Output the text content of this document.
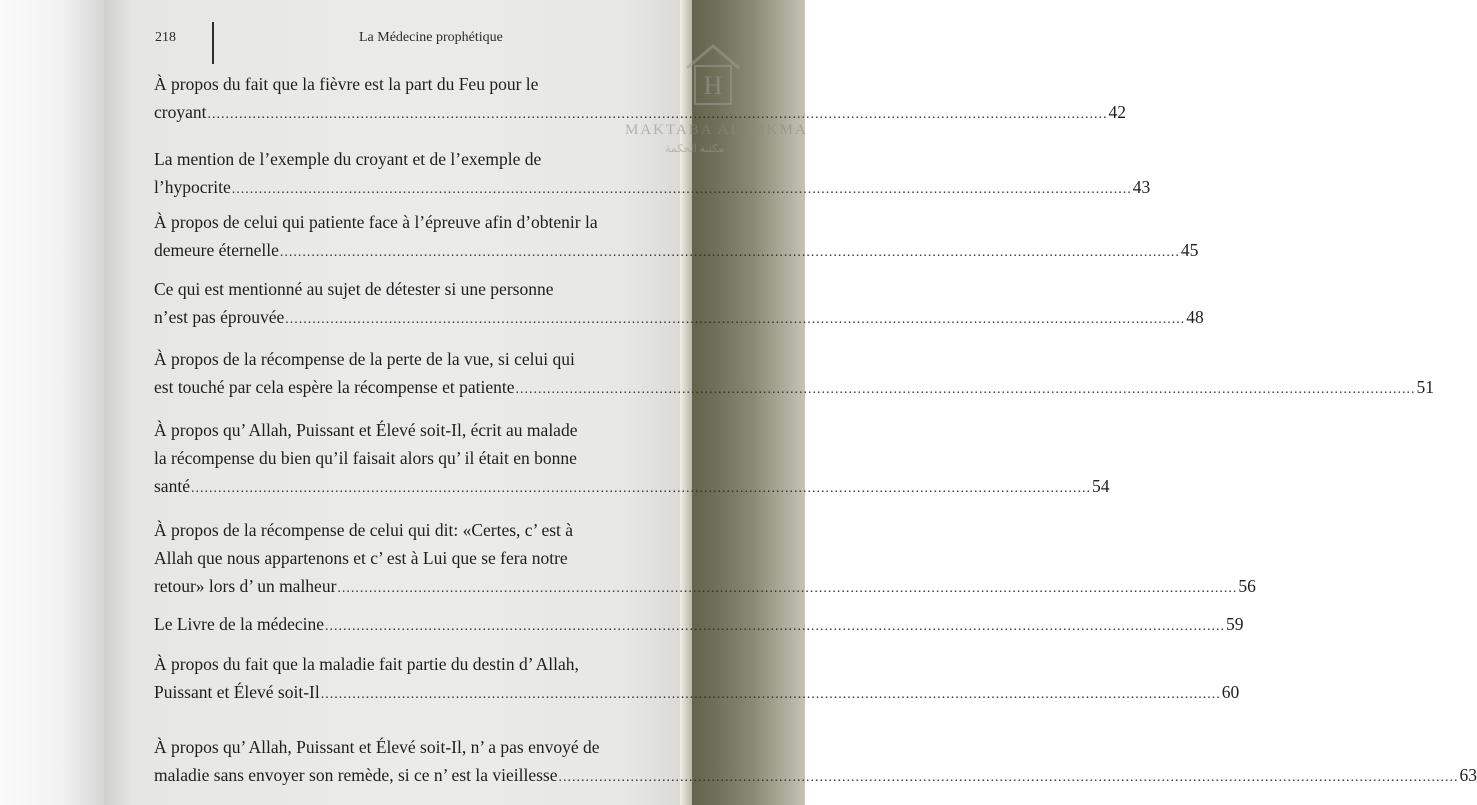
218	La Médecine prophétique
À propos du fait que la fièvre est la part du Feu pour le
croyant .....	42
La mention de l’exemple du croyant et de l’exemple de
l’hypocrite .....	43
À propos de celui qui patiente face à l’épreuve afin d’obtenir la
demeure éternelle .....	45
Ce qui est mentionné au sujet de détester si une personne
n’est pas éprouvée .....	48
À propos de la récompense de la perte de la vue, si celui qui
est touché par cela espère la récompense et patiente .....	51
À propos qu’ Allah, Puissant et Élevé soit-Il, écrit au malade
la récompense du bien qu’il faisait alors qu’ il était en bonne
santé .....	54
À propos de la récompense de celui qui dit: «Certes, c’ est à
Allah que nous appartenons et c’ est à Lui que se fera notre
retour» lors d’ un malheur .....	56
Le Livre de la médecine .....	59
À propos du fait que la maladie fait partie du destin d’ Allah,
Puissant et Élevé soit-Il .....	60
À propos qu’ Allah, Puissant et Élevé soit-Il, n’ a pas envoyé de
maladie sans envoyer son remède, si ce n’ est la vieillesse .....	63
H
MAKTABA AL HIKMA
مكتبة الحكمة
